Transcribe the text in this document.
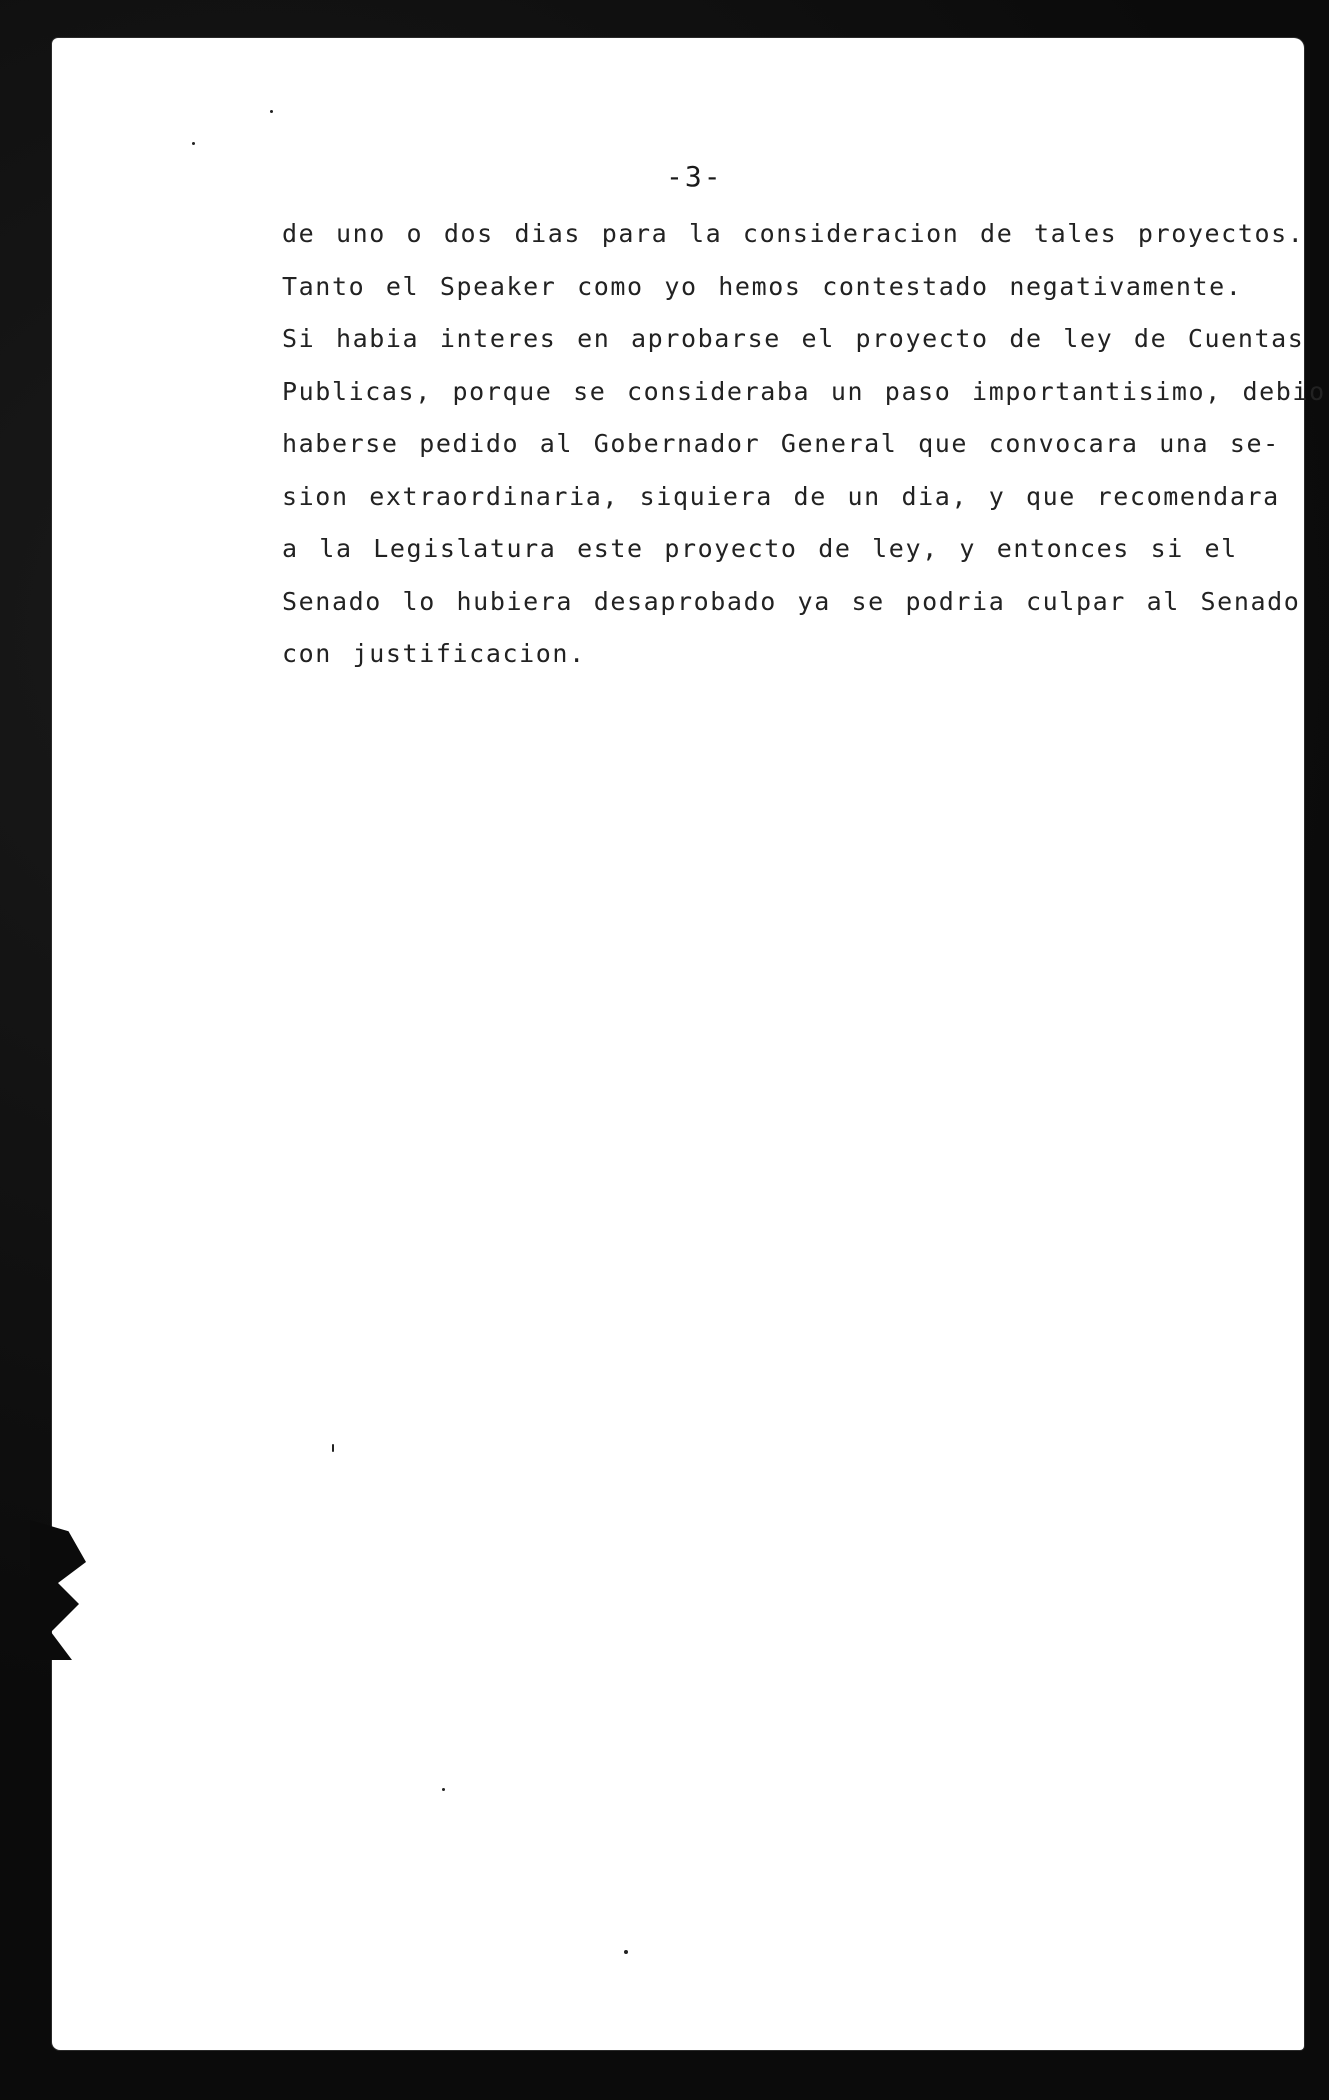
-3-
de uno o dos dias para la consideracion de tales proyectos.
Tanto el Speaker como yo hemos contestado negativamente.
Si habia interes en aprobarse el proyecto de ley de Cuentas
Publicas, porque se consideraba un paso importantisimo, debio
haberse pedido al Gobernador General que convocara una se-
sion extraordinaria, siquiera de un dia, y que recomendara
a la Legislatura este proyecto de ley, y entonces si el
Senado lo hubiera desaprobado ya se podria culpar al Senado
con justificacion.
